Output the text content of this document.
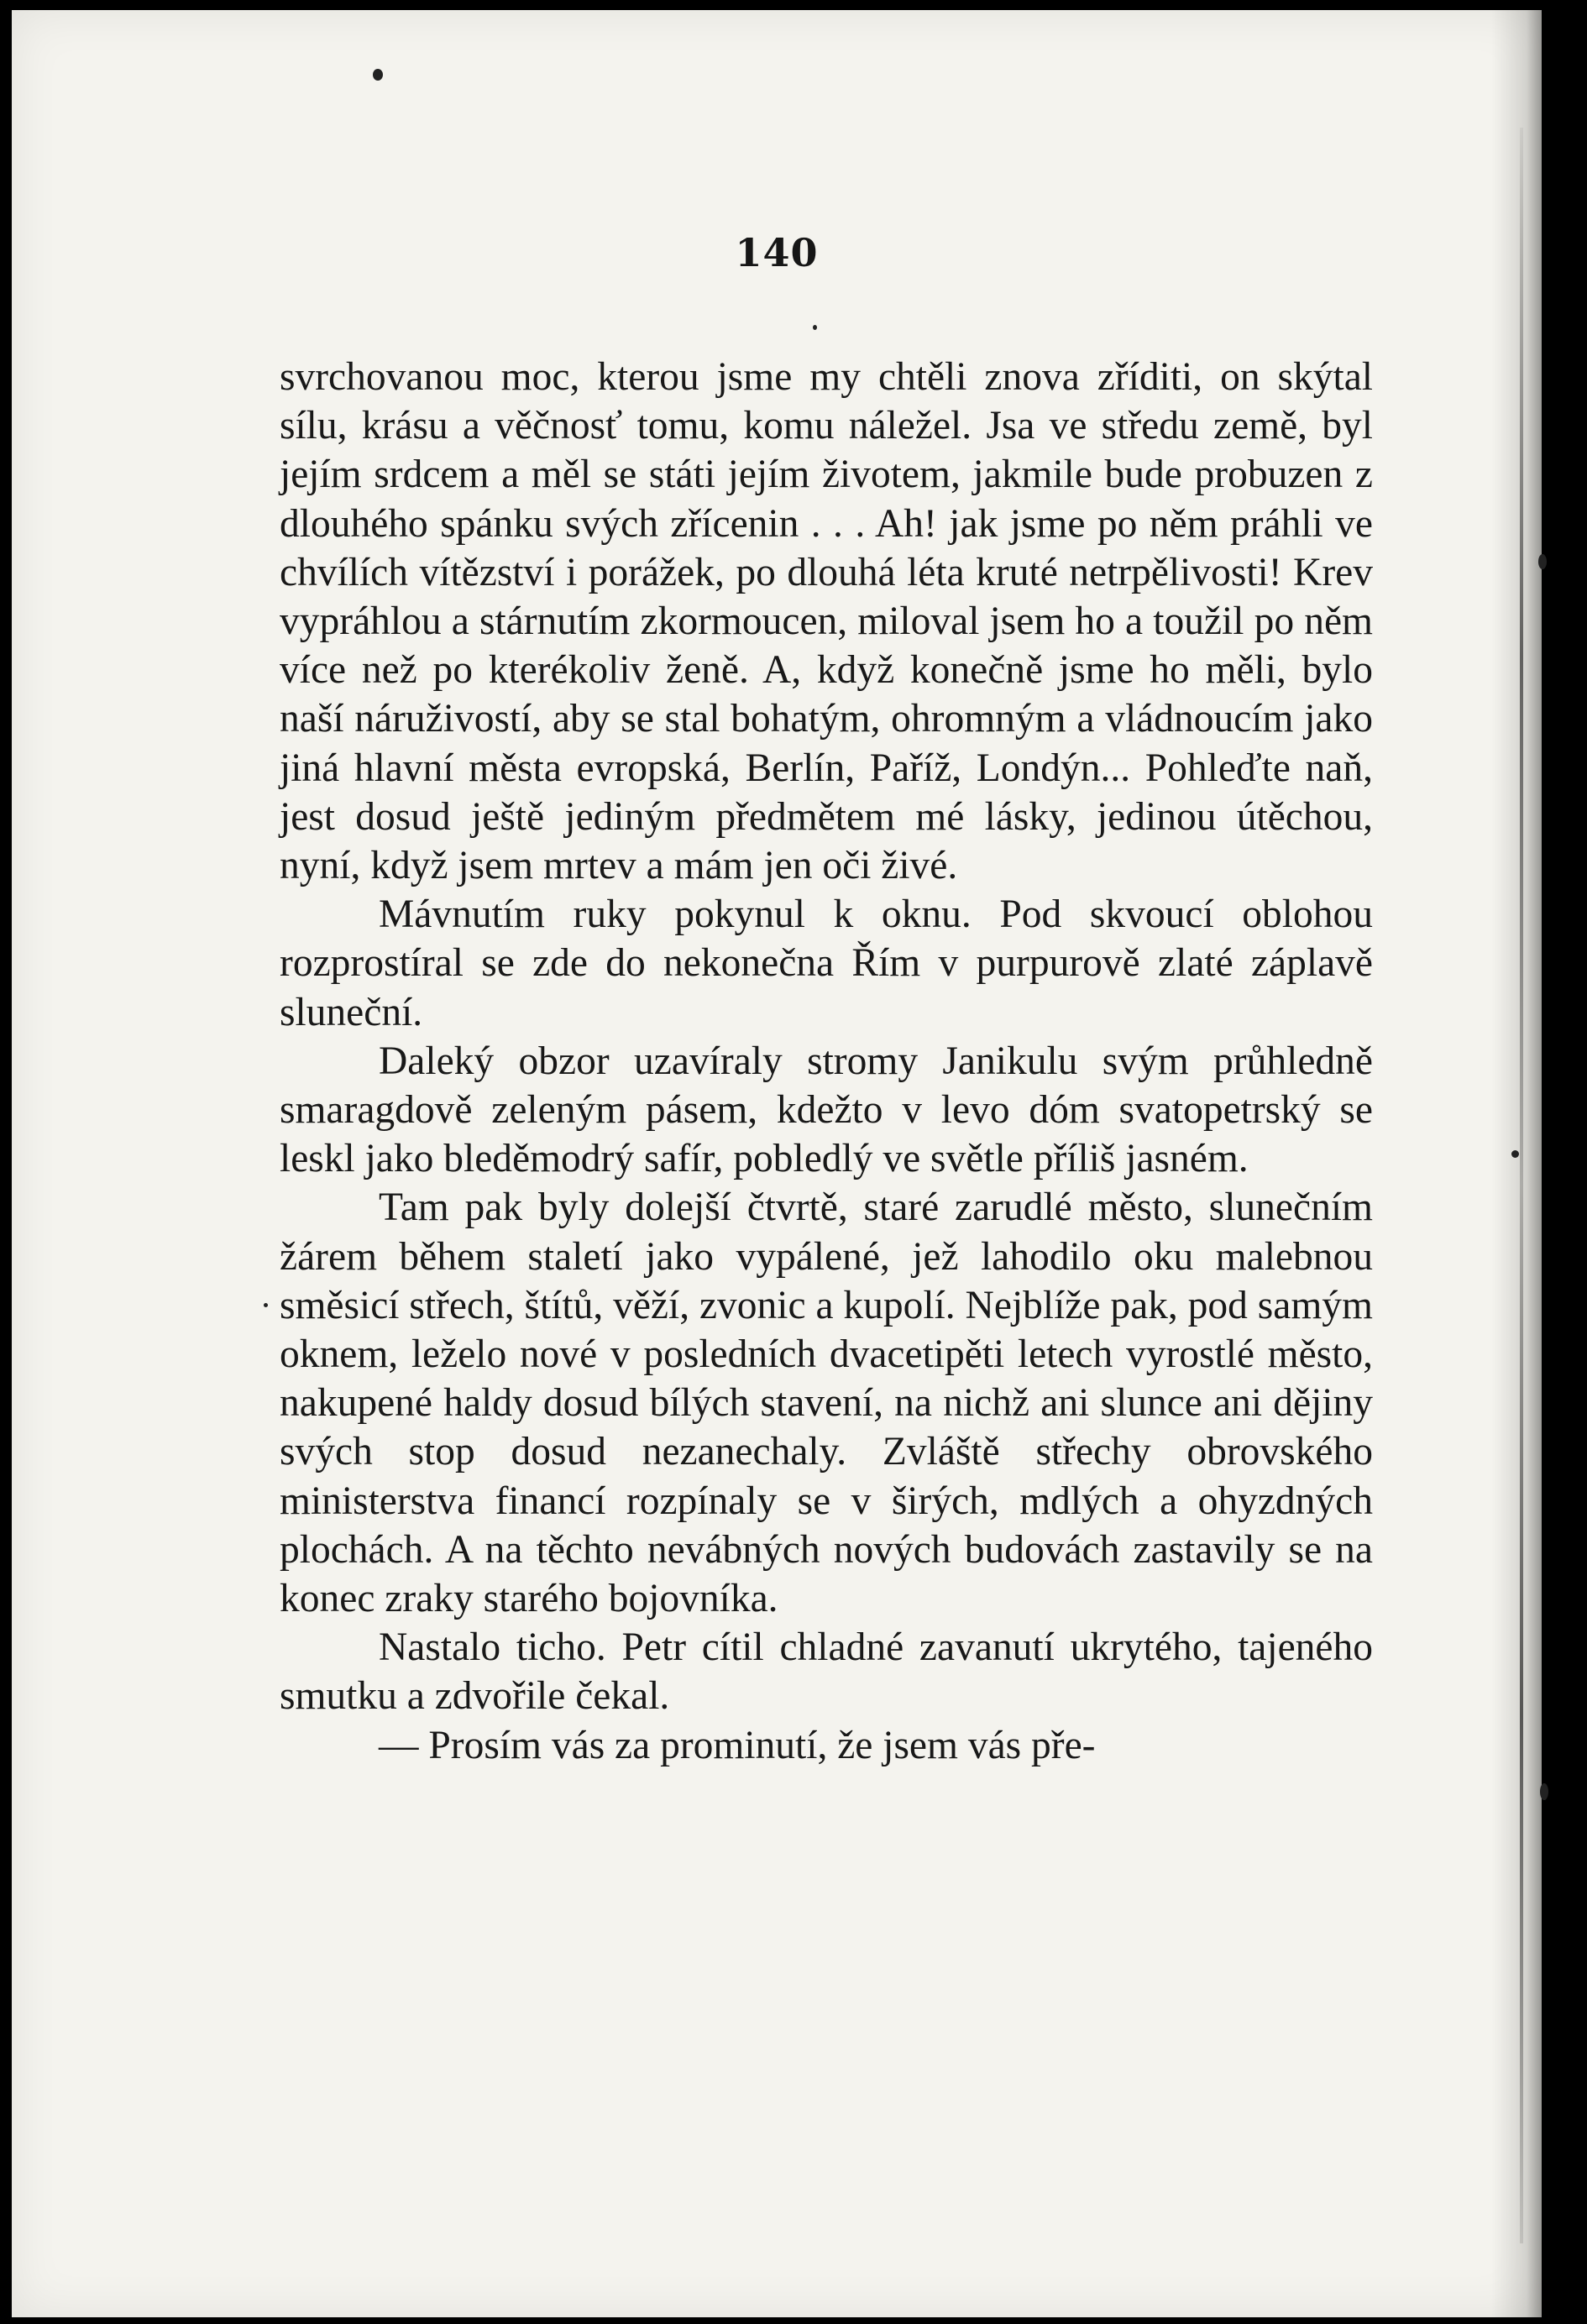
140

svrchovanou moc, kterou jsme my chtěli znova zříditi, on skýtal sílu, krásu a věčnosť tomu, komu náležel. Jsa ve středu země, byl jejím srdcem a měl se státi jejím životem, jakmile bude probuzen z dlouhého spánku svých zřícenin . . . Ah! jak jsme po něm práhli ve chvílích vítězství i porážek, po dlouhá léta kruté netrpělivosti! Krev vypráhlou a stárnutím zkormoucen, miloval jsem ho a toužil po něm více než po kterékoliv ženě. A, když konečně jsme ho měli, bylo naší náruživostí, aby se stal bohatým, ohromným a vládnoucím jako jiná hlavní města evropská, Berlín, Paříž, Londýn... Pohleďte naň, jest dosud ještě jediným předmětem mé lásky, jedinou útěchou, nyní, když jsem mrtev a mám jen oči živé.

Mávnutím ruky pokynul k oknu. Pod skvoucí oblohou rozprostíral se zde do nekonečna Řím v purpurově zlaté záplavě sluneční.

Daleký obzor uzavíraly stromy Janikulu svým průhledně smaragdově zeleným pásem, kdežto v levo dóm svatopetrský se leskl jako bleděmodrý safír, pobledlý ve světle příliš jasném.

Tam pak byly dolejší čtvrtě, staré zarudlé město, slunečním žárem během staletí jako vypálené, jež lahodilo oku malebnou směsicí střech, štítů, věží, zvonic a kupolí. Nejblíže pak, pod samým oknem, leželo nové v posledních dvacetipěti letech vyrostlé město, nakupené haldy dosud bílých stavení, na nichž ani slunce ani dějiny svých stop dosud nezanechaly. Zvláště střechy obrovského ministerstva financí rozpínaly se v širých, mdlých a ohyzdných plochách. A na těchto nevábných nových budovách zastavily se na konec zraky starého bojovníka.

Nastalo ticho. Petr cítil chladné zavanutí ukrytého, tajeného smutku a zdvořile čekal.

— Prosím vás za prominutí, že jsem vás pře-
